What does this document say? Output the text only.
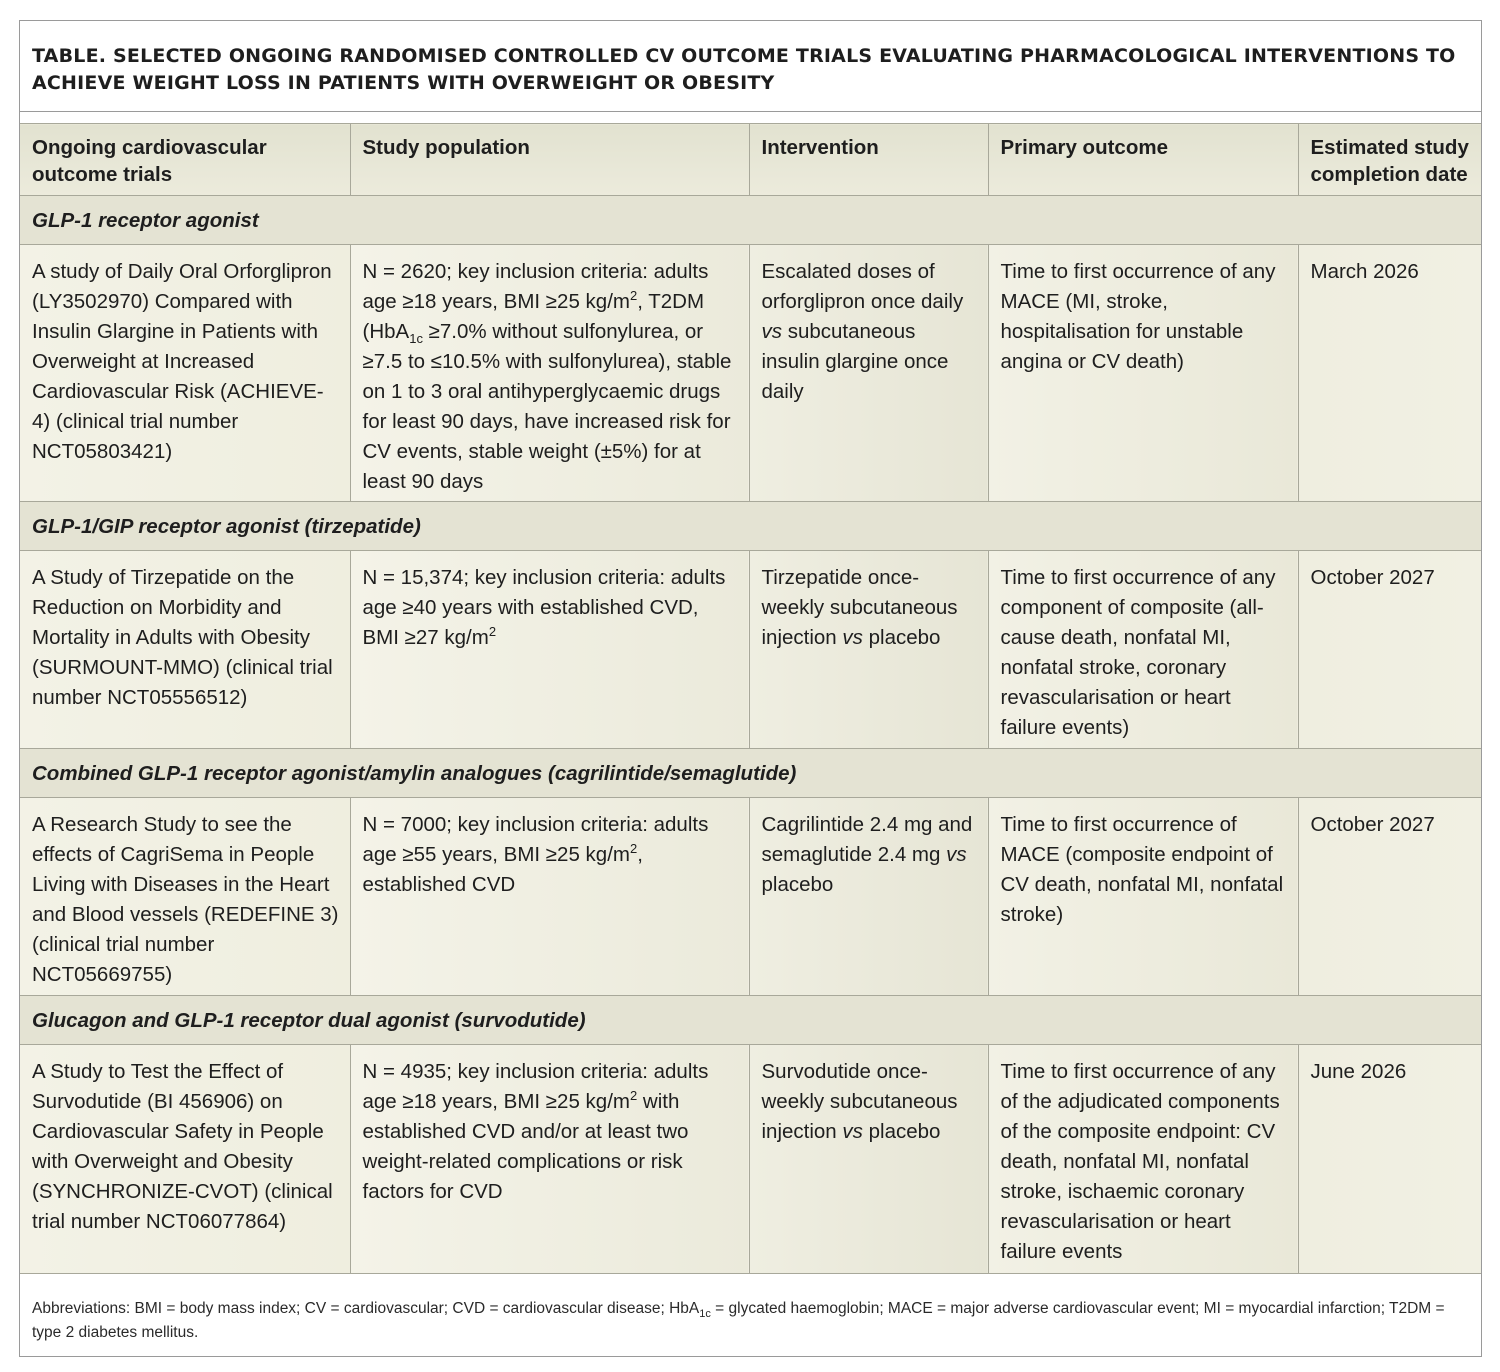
TABLE. SELECTED ONGOING RANDOMISED CONTROLLED CV OUTCOME TRIALS EVALUATING PHARMACOLOGICAL INTERVENTIONS TO ACHIEVE WEIGHT LOSS IN PATIENTS WITH OVERWEIGHT OR OBESITY
Ongoing cardiovascular outcome trials	Study population	Intervention	Primary outcome	Estimated study completion date
GLP-1 receptor agonist				
A study of Daily Oral Orforglipron (LY3502970) Compared with Insulin Glargine in Patients with Overweight at Increased Cardiovascular Risk (ACHIEVE-4) (clinical trial number NCT05803421)	N = 2620; key inclusion criteria: adults age ≥18 years, BMI ≥25 $kg/m^2$, T2DM (HbA$_{1c}$ ≥7.0% without sulfonylurea, or ≥7.5 to ≤10.5% with sulfonylurea), stable on 1 to 3 oral antihyperglycaemic drugs for least 90 days, have increased risk for CV events, stable weight (±5%) for at least 90 days	Escalated doses of orforglipron once daily vs subcutaneous insulin glargine once daily	Time to first occurrence of any MACE (MI, stroke, hospitalisation for unstable angina or CV death)	March 2026
GLP-1/GIP receptor agonist (tirzepatide)				
A Study of Tirzepatide on the Reduction on Morbidity and Mortality in Adults with Obesity (SURMOUNT-MMO) (clinical trial number NCT05556512)	N = 15,374; key inclusion criteria: adults age ≥40 years with established CVD, BMI ≥27 $kg/m^2$	Tirzepatide once-weekly subcutaneous injection vs placebo	Time to first occurrence of any component of composite (all-cause death, nonfatal MI, nonfatal stroke, coronary revascularisation or heart failure events)	October 2027
Combined GLP-1 receptor agonist/amylin analogues (cagrilintide/semaglutide)				
A Research Study to see the effects of CagriSema in People Living with Diseases in the Heart and Blood vessels (REDEFINE 3) (clinical trial number NCT05669755)	N = 7000; key inclusion criteria: adults age ≥55 years, BMI ≥25 $kg/m^2$, established CVD	Cagrilintide 2.4 mg and semaglutide 2.4 mg vs placebo	Time to first occurrence of MACE (composite endpoint of CV death, nonfatal MI, nonfatal stroke)	October 2027
Glucagon and GLP-1 receptor dual agonist (survodutide)				
A Study to Test the Effect of Survodutide (BI 456906) on Cardiovascular Safety in People with Overweight and Obesity (SYNCHRONIZE-CVOT) (clinical trial number NCT06077864)	N = 4935; key inclusion criteria: adults age ≥18 years, BMI ≥25 $kg/m^2$ with established CVD and/or at least two weight-related complications or risk factors for CVD	Survodutide once-weekly subcutaneous injection vs placebo	Time to first occurrence of any of the adjudicated components of the composite endpoint: CV death, nonfatal MI, nonfatal stroke, ischaemic coronary revascularisation or heart failure events	June 2026
Abbreviations: BMI = body mass index; CV = cardiovascular; CVD = cardiovascular disease; HbA$_{1c}$ = glycated haemoglobin; MACE = major adverse cardiovascular event; MI = myocardial infarction; T2DM = type 2 diabetes mellitus.
